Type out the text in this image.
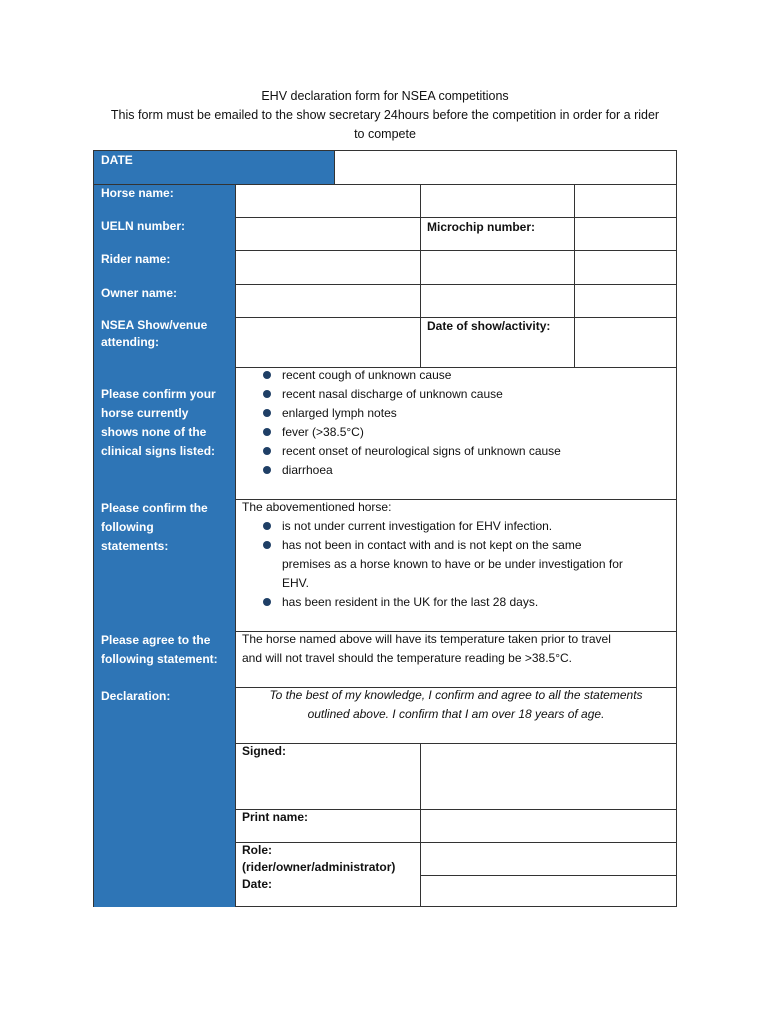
EHV declaration form for NSEA competitions
This form must be emailed to the show secretary 24hours before the competition in order for a rider
to compete
DATE
Horse name:
UELN number:
Rider name:
Owner name:
NSEA Show/venue
attending:
Please confirm your
horse currently
shows none of the
clinical signs listed:
Please confirm the
following
statements:
Please agree to the
following statement:
Declaration:
Microchip number:
Date of show/activity:
recent cough of unknown cause
recent nasal discharge of unknown cause
enlarged lymph notes
fever (>38.5°C)
recent onset of neurological signs of unknown cause
diarrhoea
The abovementioned horse:
is not under current investigation for EHV infection.
has not been in contact with and is not kept on the same
premises as a horse known to have or be under investigation for
EHV.
has been resident in the UK for the last 28 days.
The horse named above will have its temperature taken prior to travel
and will not travel should the temperature reading be >38.5°C.
To the best of my knowledge, I confirm and agree to all the statements
outlined above. I confirm that I am over 18 years of age.
Signed:
Print name:
Role:
(rider/owner/administrator)
Date:
